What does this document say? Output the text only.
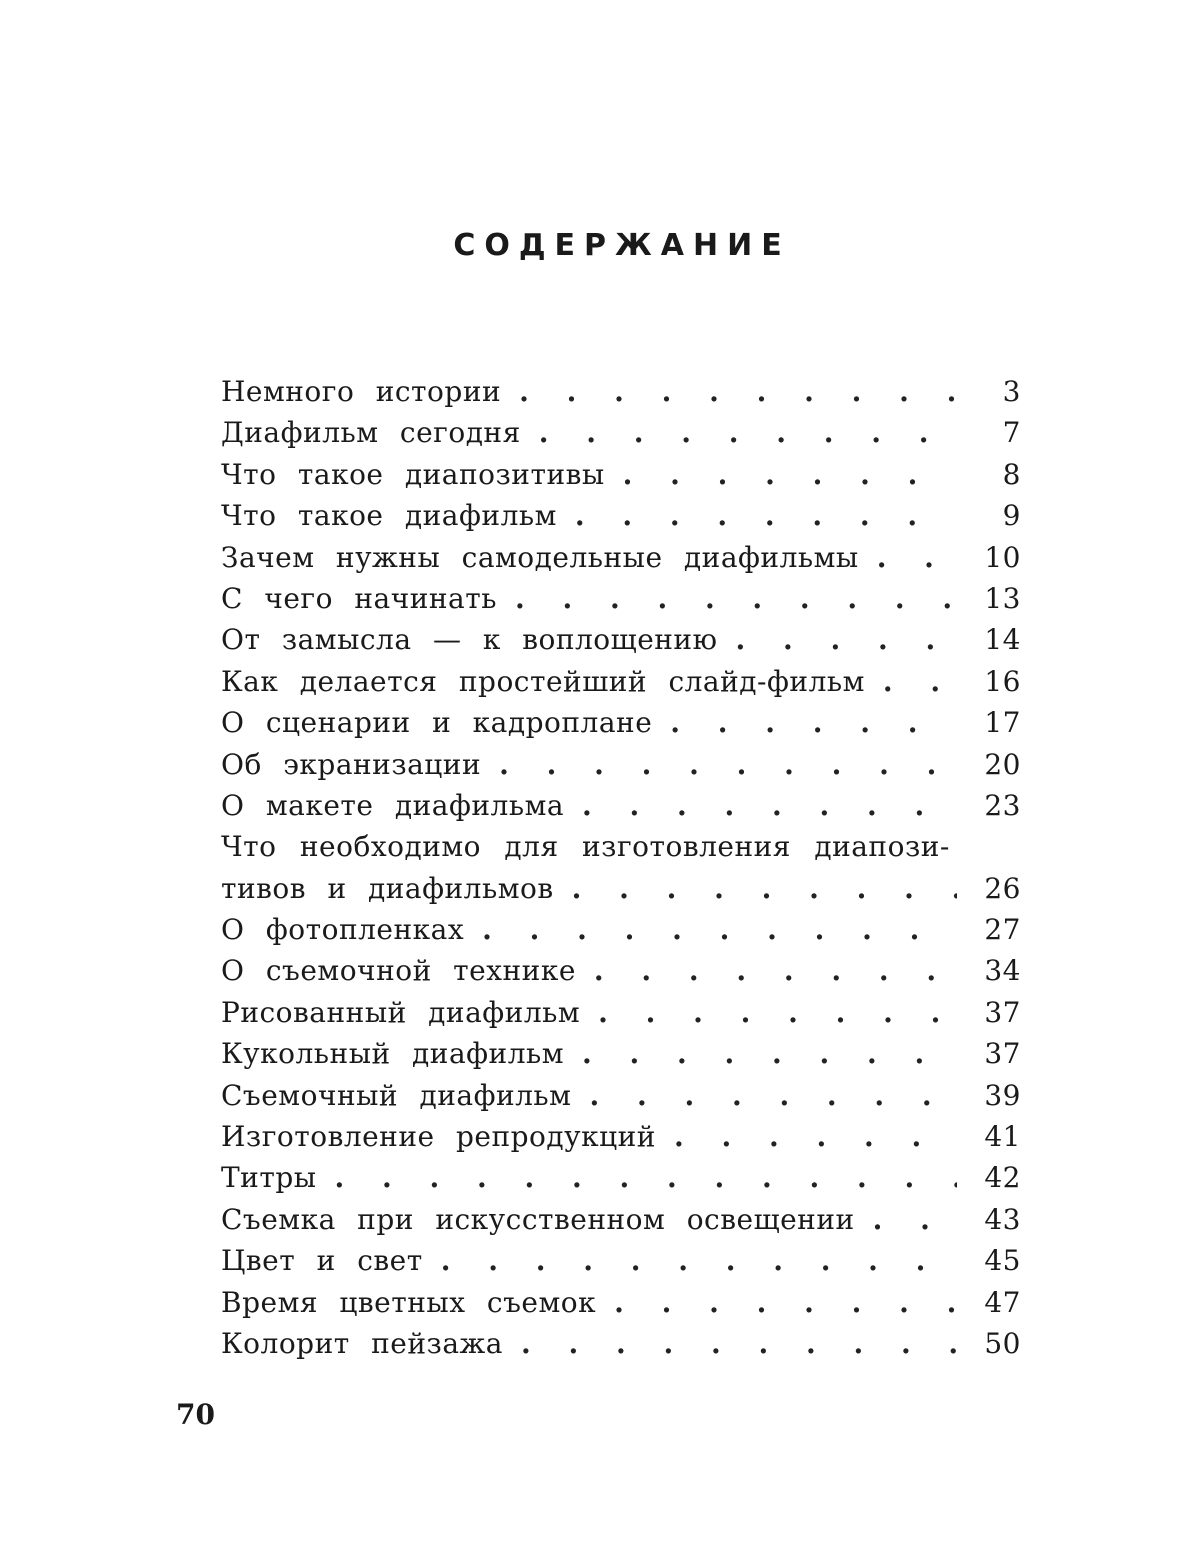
СОДЕРЖАНИЕ
Немного истории . . .	3
Диафильм сегодня . . .	7
Что такое диапозитивы . . .	8
Что такое диафильм . . .	9
Зачем нужны самодельные диафильмы . . .	10
С чего начинать . . .	13
От замысла — к воплощению . . .	14
Как делается простейший слайд-фильм . . .	16
О сценарии и кадроплане . . .	17
Об экранизации . . .	20
О макете диафильма . . .	23
Что необходимо для изготовления диапози-
тивов и диафильмов . . .	26
О фотопленках . . .	27
О съемочной технике . . .	34
Рисованный диафильм . . .	37
Кукольный диафильм . . .	37
Съемочный диафильм . . .	39
Изготовление репродукций . . .	41
Титры . . .	42
Съемка при искусственном освещении . . .	43
Цвет и свет . . .	45
Время цветных съемок . . .	47
Колорит пейзажа . . .	50
70
